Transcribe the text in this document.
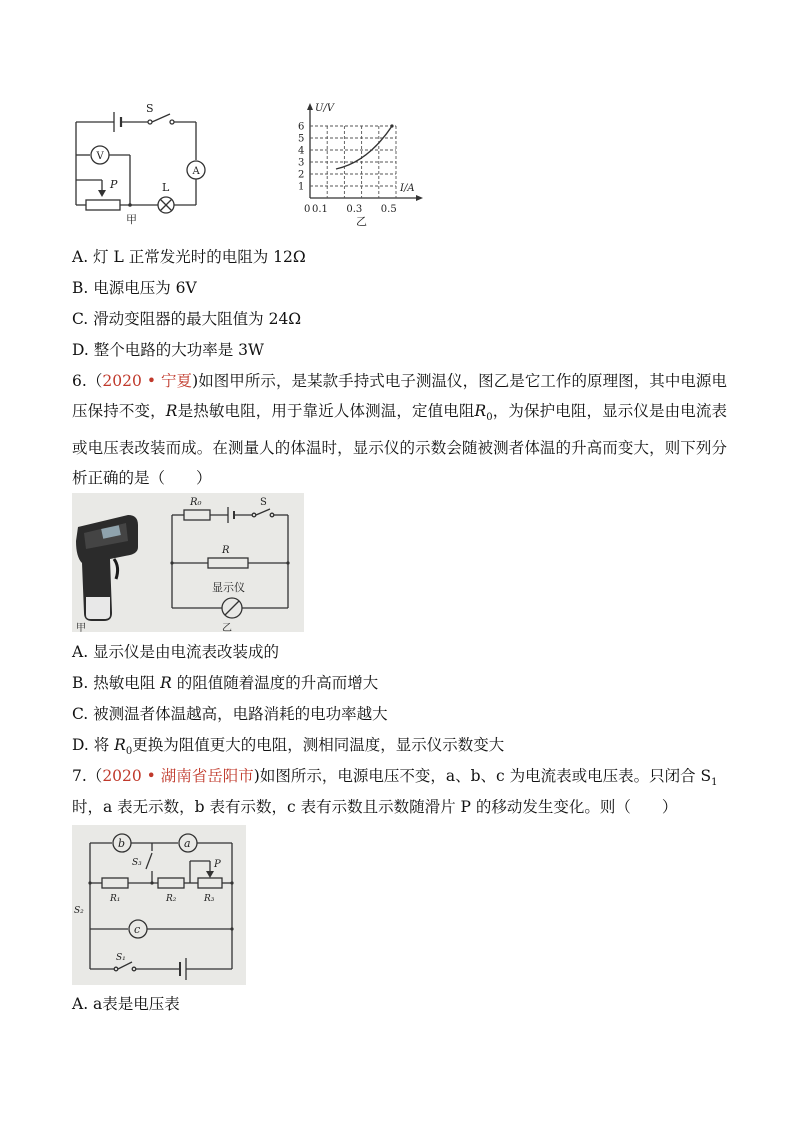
S
A
V
P	L
甲
U/V
I/A
6
5
4
3
2
1
0 0.1 0.3 0.5
乙
A. 灯 L 正常发光时的电阻为 12Ω
B. 电源电压为 6V
C. 滑动变阻器的最大阻值为 24Ω
D. 整个电路的大功率是 3W
6.（2020 • 宁夏)如图甲所示，是某款手持式电子测温仪，图乙是它工作的原理图，其中电源电压保持不变，R是热敏电阻，用于靠近人体测温，定值电阻$R_0$，为保护电阻，显示仪是由电流表或电压表改装而成。在测量人的体温时，显示仪的示数会随被测者体温的升高而变大，则下列分析正确的是（　　）
甲
R₀	S
R
显示仪
乙
A. 显示仪是由电流表改装成的
B. 热敏电阻 R 的阻值随着温度的升高而增大
C. 被测温者体温越高，电路消耗的电功率越大
D. 将 $R_0$更换为阻值更大的电阻，测相同温度，显示仪示数变大
7.（2020 • 湖南省岳阳市)如图所示，电源电压不变，a、b、c 为电流表或电压表。只闭合 $S_1$
时，a 表无示数，b 表有示数，c 表有示数且示数随滑片 P 的移动发生变化。则（　　）
b	a
S₃
R₁	R₂	R₃
P
S₂
c
S₁
A. a表是电压表
